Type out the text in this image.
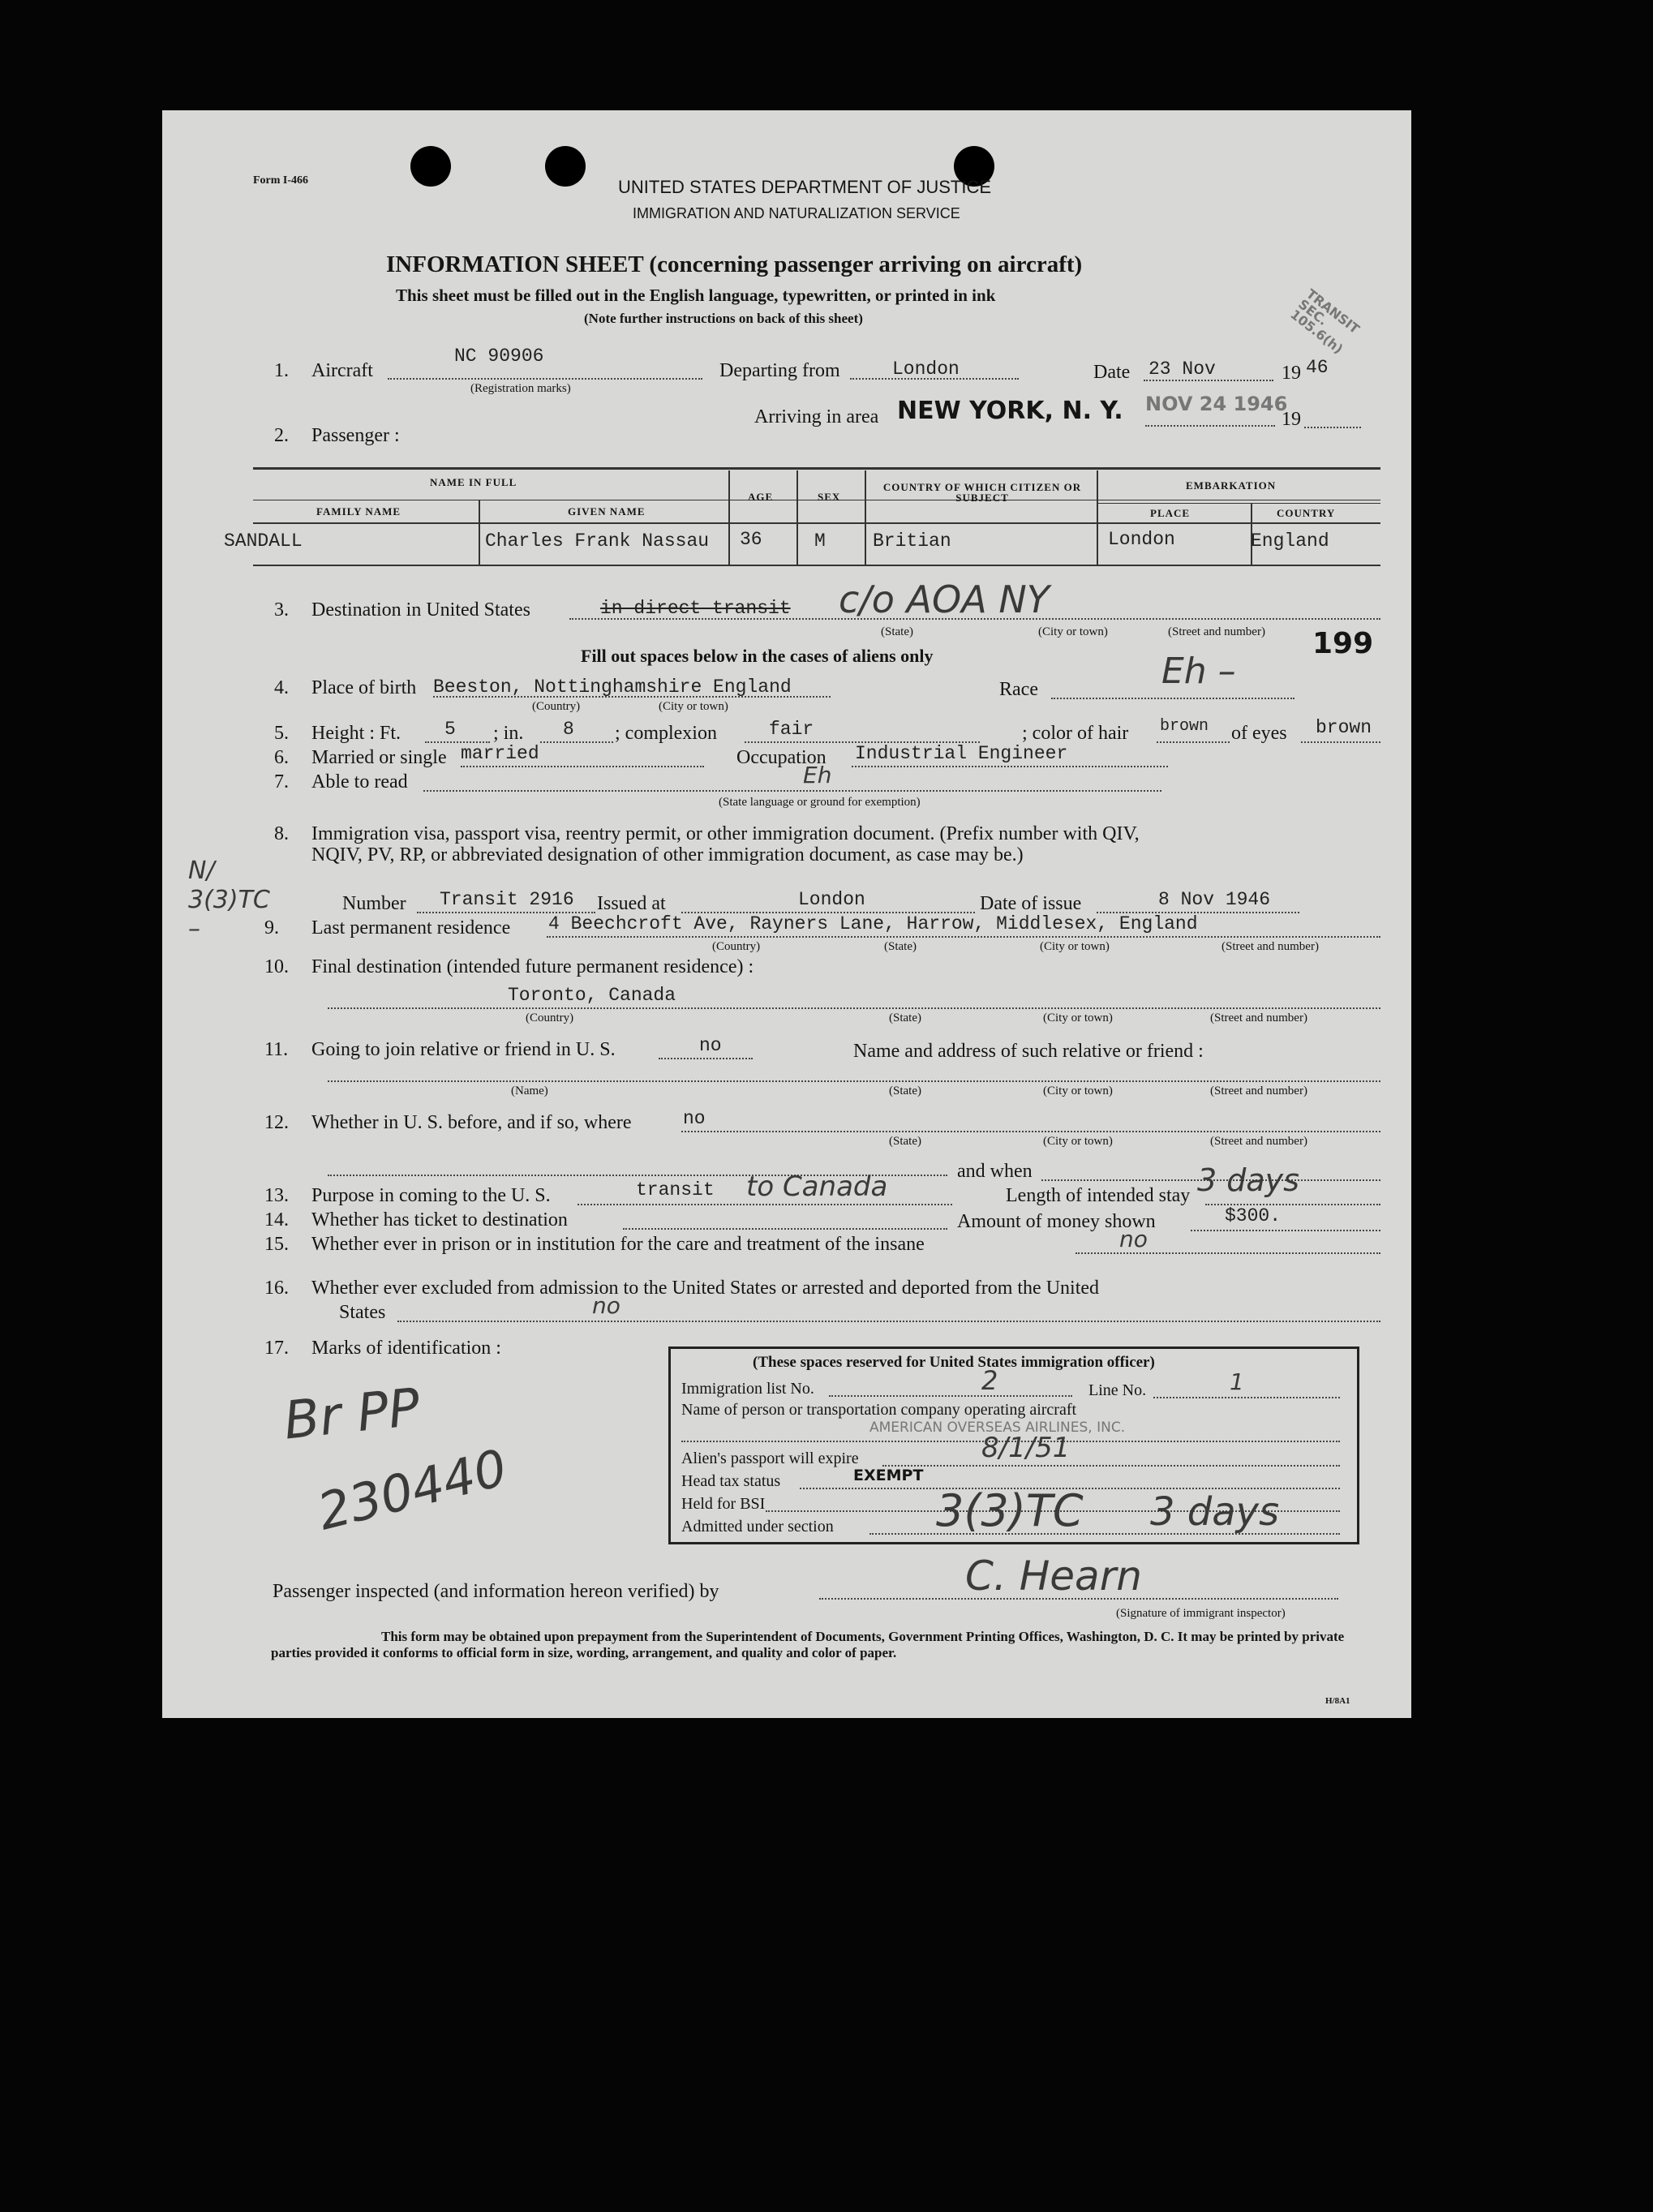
Form I-466	UNITED STATES DEPARTMENT OF JUSTICE
IMMIGRATION AND NATURALIZATION SERVICE
INFORMATION SHEET (concerning passenger arriving on aircraft)
This sheet must be filled out in the English language, typewritten, or printed in ink
(Note further instructions on back of this sheet)	TRANSIT SEC. 105.6(h)
1. Aircraft
NC 90906
(Registration marks)
Departing from	London	Date 23 Nov	19 46
Arriving in area NEW YORK, N. Y. NOV 24 1946
19
2. Passenger :
NAME IN FULL
FAMILY NAME	GIVEN NAME
AGE	SEX
COUNTRY OF WHICH CITIZEN OR SUBJECT
EMBARKATION
PLACE	COUNTRY
SANDALL	Charles Frank Nassau 36	M	Britian	London	England
3. Destination in United States	in direct transit c/o AOA NY
(State)	(City or town)	(Street and number) 199
Fill out spaces below in the cases of aliens only
4. Place of birth Beeston, Nottinghamshire England
(Country)	(City or town)
Race	Eh –
5. Height : Ft. 5 ; in. 8 ; complexion	fair	; color of hair brown of eyes brown
6. Married or single married	Occupation Industrial Engineer
7. Able to read	Eh
(State language or ground for exemption)
8. Immigration visa, passport visa, reentry permit, or other immigration document. (Prefix number with QIV,
NQIV, PV, RP, or abbreviated designation of other immigration document, as case may be.)
N/ 3(3)TC –
Number Transit 2916 Issued at	London	Date of issue	8 Nov 1946
9. Last permanent residence 4 Beechcroft Ave, Rayners Lane, Harrow, Middlesex, England
(Country)	(State)	(City or town)	(Street and number)
10. Final destination (intended future permanent residence) :
Toronto, Canada
(Country)	(State)	(City or town)	(Street and number)
11. Going to join relative or friend in U. S.	no	Name and address of such relative or friend :
(Name)	(State)	(City or town)	(Street and number)
12. Whether in U. S. before, and if so, where	no
(State)	(City or town)	(Street and number)
and when
13. Purpose in coming to the U. S.	transit to Canada	Length of intended stay 3 days
14. Whether has ticket to destination	Amount of money shown	$300.
15. Whether ever in prison or in institution for the care and treatment of the insane	no
16. Whether ever excluded from admission to the United States or arrested and deported from the United
States	no
17. Marks of identification :
Br PP
230440
(These spaces reserved for United States immigration officer)
Immigration list No.	2	Line No.	1
Name of person or transportation company operating aircraft
AMERICAN OVERSEAS AIRLINES, INC.
Alien's passport will expire	8/1/51
Head tax status	EXEMPT
Held for BSI
Admitted under section 3(3)TC 3 days
Passenger inspected (and information hereon verified) by	C. Hearn
(Signature of immigrant inspector)
This form may be obtained upon prepayment from the Superintendent of Documents, Government Printing Offices, Washington, D. C. It may be printed by private parties provided it conforms to official form in size, wording, arrangement, and quality and color of paper.
H/8A1
